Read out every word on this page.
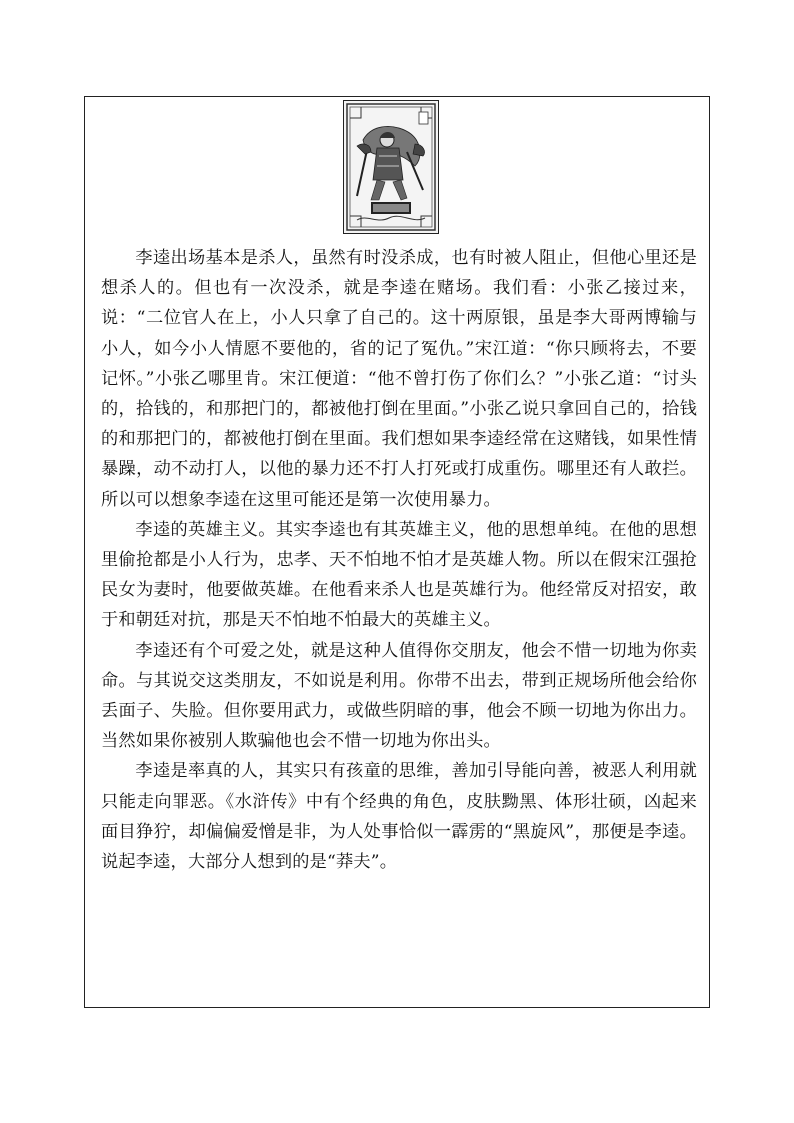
李逵出场基本是杀人，虽然有时没杀成，也有时被人阻止，但他心里还是想杀人的。但也有一次没杀，就是李逵在赌场。我们看：小张乙接过来，说：“二位官人在上，小人只拿了自己的。这十两原银，虽是李大哥两博输与小人，如今小人情愿不要他的，省的记了冤仇。”宋江道：“你只顾将去，不要记怀。”小张乙哪里肯。宋江便道：“他不曾打伤了你们么？”小张乙道：“讨头的，拾钱的，和那把门的，都被他打倒在里面。”小张乙说只拿回自己的，拾钱的和那把门的，都被他打倒在里面。我们想如果李逵经常在这赌钱，如果性情暴躁，动不动打人，以他的暴力还不打人打死或打成重伤。哪里还有人敢拦。所以可以想象李逵在这里可能还是第一次使用暴力。

李逵的英雄主义。其实李逵也有其英雄主义，他的思想单纯。在他的思想里偷抢都是小人行为，忠孝、天不怕地不怕才是英雄人物。所以在假宋江强抢民女为妻时，他要做英雄。在他看来杀人也是英雄行为。他经常反对招安，敢于和朝廷对抗，那是天不怕地不怕最大的英雄主义。

李逵还有个可爱之处，就是这种人值得你交朋友，他会不惜一切地为你卖命。与其说交这类朋友，不如说是利用。你带不出去，带到正规场所他会给你丢面子、失脸。但你要用武力，或做些阴暗的事，他会不顾一切地为你出力。当然如果你被别人欺骗他也会不惜一切地为你出头。

李逵是率真的人，其实只有孩童的思维，善加引导能向善，被恶人利用就只能走向罪恶。《水浒传》中有个经典的角色，皮肤黝黑、体形壮硕，凶起来面目狰狞，却偏偏爱憎是非，为人处事恰似一霹雳的“黑旋风”，那便是李逵。说起李逵，大部分人想到的是“莽夫”。
